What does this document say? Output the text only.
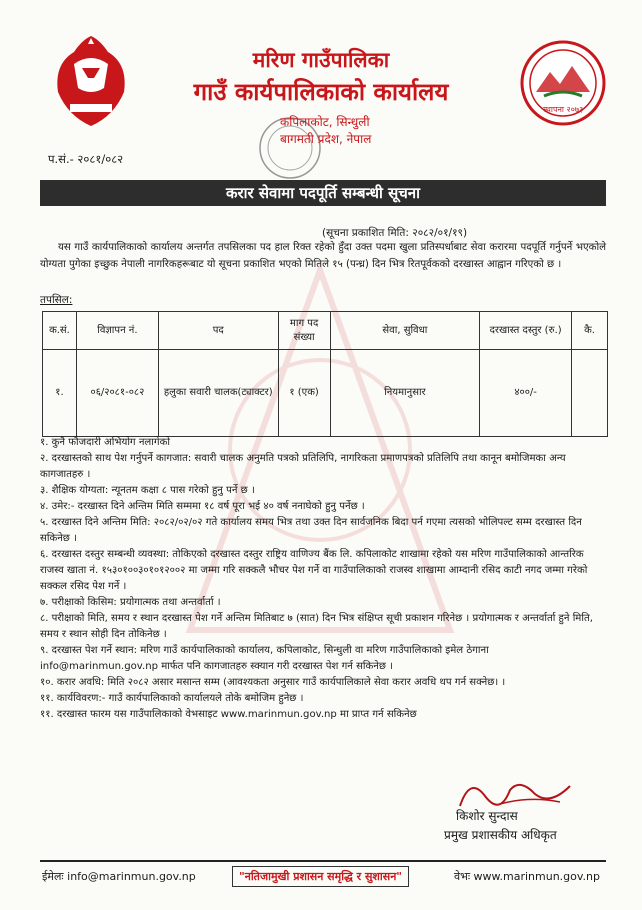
स्थापना २०७३
मरिण गाउँपालिका
गाउँ कार्यपालिकाको कार्यालय
कपिलाकोट, सिन्धुली
बागमती प्रदेश, नेपाल
प.सं.- २०८१/०८२
करार सेवामा पदपूर्ति सम्बन्धी सूचना
(सूचना प्रकाशित मिति: २०८२/०१/१९)
यस गाउँ कार्यपालिकाको कार्यालय अन्तर्गत तपसिलका पद हाल रिक्त रहेको हुँदा उक्त पदमा खुला प्रतिस्पर्धाबाट सेवा करारमा पदपूर्ति गर्नुपर्ने भएकोले योग्यता पुगेका इच्छुक नेपाली नागरिकहरूबाट यो सूचना प्रकाशित भएको मितिले १५ (पन्ध्र) दिन भित्र रितपूर्वकको दरखास्त आह्वान गरिएको छ ।
तपसिल:
क.सं.	विज्ञापन नं.	पद	माग पद संख्या	सेवा, सुविधा	दरखास्त दस्तुर (रु.)	कै.
१.	०६/२०८१-०८२	हलुका सवारी चालक(ट्याक्टर)	१ (एक)	नियमानुसार	४००/-	
१. कुनै फौजदारी अभियोग नलागेको
२. दरखास्तको साथ पेश गर्नुपर्ने कागजात: सवारी चालक अनुमति पत्रको प्रतिलिपि, नागरिकता प्रमाणपत्रको प्रतिलिपि तथा कानून बमोजिमका अन्य कागजातहरु ।
३. शैक्षिक योग्यता: न्यूनतम कक्षा ८ पास गरेको हुनु पर्ने छ ।
४. उमेर:- दरखास्त दिने अन्तिम मिति सम्ममा १८ वर्ष पूरा भई ४० वर्ष ननाघेको हुनु पर्नेछ ।
५. दरखास्त दिने अन्तिम मिति: २०८२/०२/०२ गते कार्यालय समय भित्र तथा उक्त दिन सार्वजनिक बिदा पर्न गएमा त्यसको भोलिपल्ट सम्म दरखास्त दिन सकिनेछ ।
६. दरखास्त दस्तुर सम्बन्धी व्यवस्था: तोकिएको दरखास्त दस्तुर राष्ट्रिय वाणिज्य बैंक लि. कपिलाकोट शाखामा रहेको यस मरिण गाउँपालिकाको आन्तरिक राजस्व खाता नं. १५३०१००३०१०१२००२ मा जम्मा गरि सक्कलै भौचर पेश गर्ने वा गाउँपालिकाको राजस्व शाखामा आम्दानी रसिद काटी नगद जम्मा गरेको सक्कल रसिद पेश गर्ने ।
७. परीक्षाको किसिम: प्रयोगात्मक तथा अन्तर्वार्ता ।
८. परीक्षाको मिति, समय र स्थान दरखास्त पेश गर्ने अन्तिम मितिबाट ७ (सात) दिन भित्र संक्षिप्त सूची प्रकाशन गरिनेछ । प्रयोगात्मक र अन्तर्वार्ता हुने मिति, समय र स्थान सोही दिन तोकिनेछ ।
९. दरखास्त पेश गर्ने स्थान: मरिण गाउँ कार्यपालिकाको कार्यालय, कपिलाकोट, सिन्धुली वा मरिण गाउँपालिकाको इमेल ठेगाना info@marinmun.gov.np मार्फत पनि कागजातहरु स्क्यान गरी दरखास्त पेश गर्न सकिनेछ ।
१०. करार अवधि: मिति २०८२ असार मसान्त सम्म (आवश्यकता अनुसार गाउँ कार्यपालिकाले सेवा करार अवधि थप गर्न सक्नेछ। ।
११. कार्यविवरण:- गाउँ कार्यपालिकाको कार्यालयले तोके बमोजिम हुनेछ ।
११. दरखास्त फारम यस गाउँपालिकाको वेभसाइट www.marinmun.gov.np मा प्राप्त गर्न सकिनेछ
किशोर सुन्दास
प्रमुख प्रशासकीय अधिकृत
ईमेलः info@marinmun.gov.np	"नतिजामुखी प्रशासन समृद्धि र सुशासन"	वेभः www.marinmun.gov.np
